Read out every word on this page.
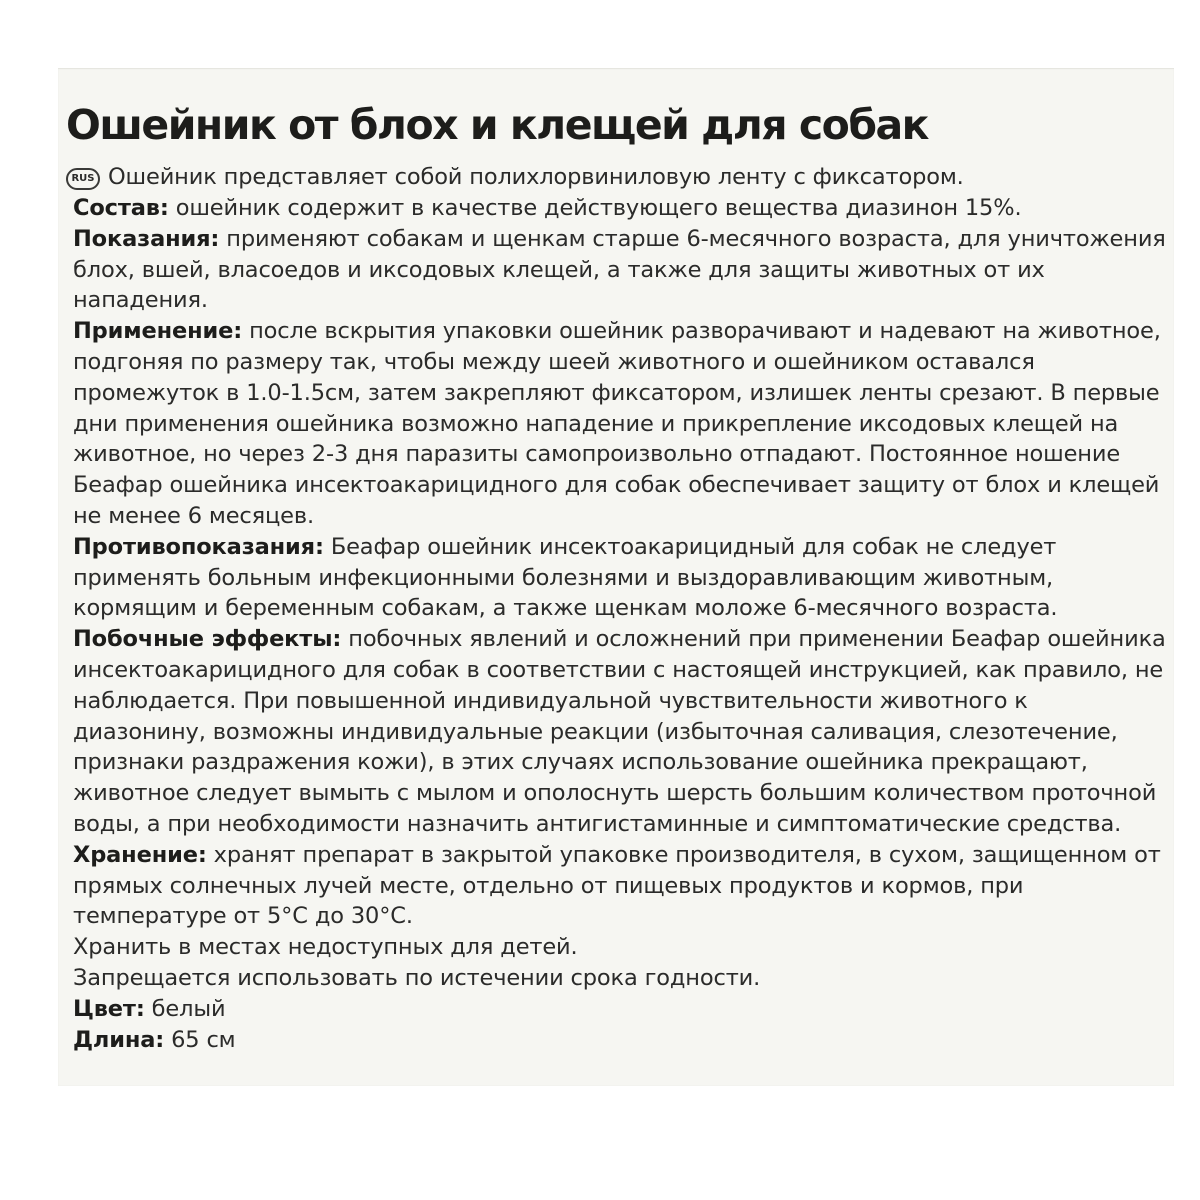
Ошейник от блох и клещей для собак

RUS Ошейник представляет собой полихлорвиниловую ленту с фиксатором.

Состав: ошейник содержит в качестве действующего вещества диазинон 15%.

Показания: применяют собакам и щенкам старше 6-месячного возраста, для уничтожения блох, вшей, власоедов и иксодовых клещей, а также для защиты животных от их нападения.

Применение: после вскрытия упаковки ошейник разворачивают и надевают на животное, подгоняя по размеру так, чтобы между шеей животного и ошейником оставался промежуток в 1.0-1.5см, затем закрепляют фиксатором, излишек ленты срезают. В первые дни применения ошейника возможно нападение и прикрепление иксодовых клещей на животное, но через 2-3 дня паразиты самопроизвольно отпадают. Постоянное ношение Беафар ошейника инсектоакарицидного для собак обеспечивает защиту от блох и клещей не менее 6 месяцев.

Противопоказания: Беафар ошейник инсектоакарицидный для собак не следует применять больным инфекционными болезнями и выздоравливающим животным, кормящим и беременным собакам, а также щенкам моложе 6-месячного возраста.

Побочные эффекты: побочных явлений и осложнений при применении Беафар ошейника инсектоакарицидного для собак в соответствии с настоящей инструкцией, как правило, не наблюдается. При повышенной индивидуальной чувствительности животного к диазонину, возможны индивидуальные реакции (избыточная саливация, слезотечение, признаки раздражения кожи), в этих случаях использование ошейника прекращают, животное следует вымыть с мылом и ополоснуть шерсть большим количеством проточной воды, а при необходимости назначить антигистаминные и симптоматические средства.

Хранение: хранят препарат в закрытой упаковке производителя, в сухом, защищенном от прямых солнечных лучей месте, отдельно от пищевых продуктов и кормов, при температуре от 5°С до 30°С.

Хранить в местах недоступных для детей.

Запрещается использовать по истечении срока годности.

Цвет: белый

Длина: 65 см
